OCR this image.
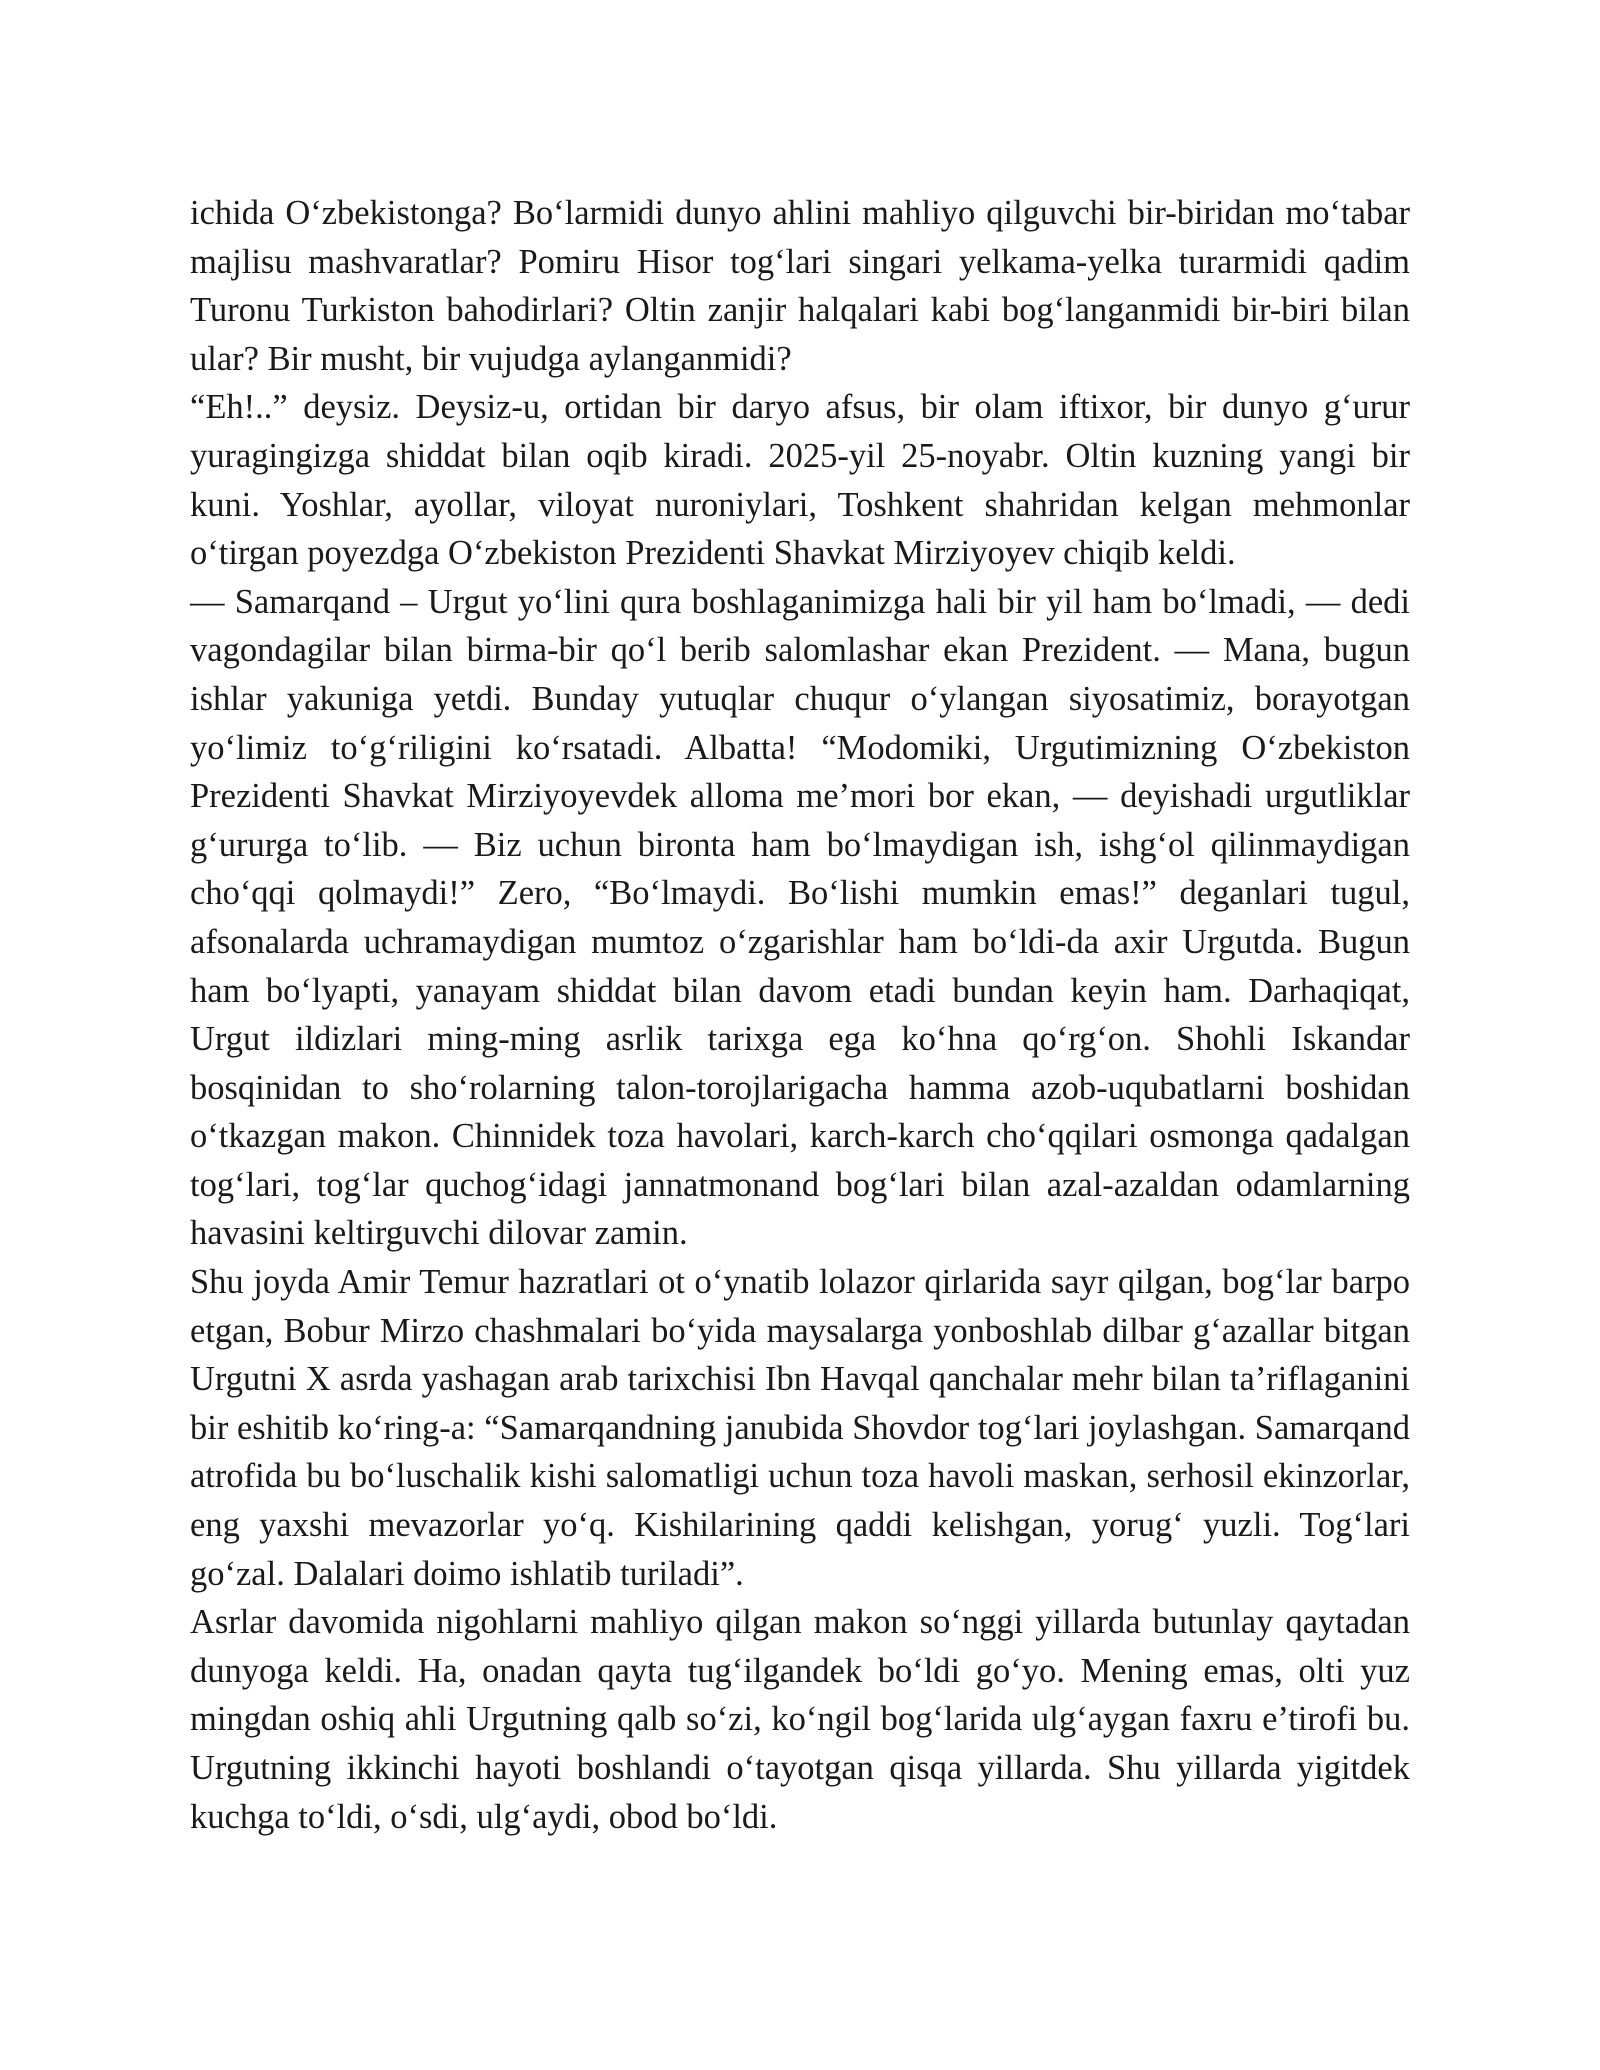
ichida O‘zbekistonga? Bo‘larmidi dunyo ahlini mahliyo qilguvchi bir-biridan mo‘tabar majlisu mashvaratlar? Pomiru Hisor tog‘lari singari yelkama-yelka turarmidi qadim Turonu Turkiston bahodirlari? Oltin zanjir halqalari kabi bog‘langanmidi bir-biri bilan ular? Bir musht, bir vujudga aylanganmidi?

“Eh!..” deysiz. Deysiz-u, ortidan bir daryo afsus, bir olam iftixor, bir dunyo g‘urur yuragingizga shiddat bilan oqib kiradi. 2025-yil 25-noyabr. Oltin kuzning yangi bir kuni. Yoshlar, ayollar, viloyat nuroniylari, Toshkent shahridan kelgan mehmonlar o‘tirgan poyezdga O‘zbekiston Prezidenti Shavkat Mirziyoyev chiqib keldi.

— Samarqand – Urgut yo‘lini qura boshlaganimizga hali bir yil ham bo‘lmadi, — dedi vagondagilar bilan birma-bir qo‘l berib salomlashar ekan Prezident. — Mana, bugun ishlar yakuniga yetdi. Bunday yutuqlar chuqur o‘ylangan siyosatimiz, borayotgan yo‘limiz to‘g‘riligini ko‘rsatadi. Albatta! “Modomiki, Urgutimizning O‘zbekiston Prezidenti Shavkat Mirziyoyevdek alloma me’mori bor ekan, — deyishadi urgutliklar g‘ururga to‘lib. — Biz uchun bironta ham bo‘lmaydigan ish, ishg‘ol qilinmaydigan cho‘qqi qolmaydi!” Zero, “Bo‘lmaydi. Bo‘lishi mumkin emas!” deganlari tugul, afsonalarda uchramaydigan mumtoz o‘zgarishlar ham bo‘ldi-da axir Urgutda. Bugun ham bo‘lyapti, yanayam shiddat bilan davom etadi bundan keyin ham. Darhaqiqat, Urgut ildizlari ming-ming asrlik tarixga ega ko‘hna qo‘rg‘on. Shohli Iskandar bosqinidan to sho‘rolarning talon-torojlarigacha hamma azob-uqubatlarni boshidan o‘tkazgan makon. Chinnidek toza havolari, karch-karch cho‘qqilari osmonga qadalgan tog‘lari, tog‘lar quchog‘idagi jannatmonand bog‘lari bilan azal-azaldan odamlarning havasini keltirguvchi dilovar zamin.

Shu joyda Amir Temur hazratlari ot o‘ynatib lolazor qirlarida sayr qilgan, bog‘lar barpo etgan, Bobur Mirzo chashmalari bo‘yida maysalarga yonboshlab dilbar g‘azallar bitgan Urgutni X asrda yashagan arab tarixchisi Ibn Havqal qanchalar mehr bilan ta’riflaganini bir eshitib ko‘ring-a: “Samarqandning janubida Shovdor tog‘lari joylashgan. Samarqand atrofida bu bo‘luschalik kishi salomatligi uchun toza havoli maskan, serhosil ekinzorlar, eng yaxshi mevazorlar yo‘q. Kishilarining qaddi kelishgan, yorug‘ yuzli. Tog‘lari go‘zal. Dalalari doimo ishlatib turiladi”.

Asrlar davomida nigohlarni mahliyo qilgan makon so‘nggi yillarda butunlay qaytadan dunyoga keldi. Ha, onadan qayta tug‘ilgandek bo‘ldi go‘yo. Mening emas, olti yuz mingdan oshiq ahli Urgutning qalb so‘zi, ko‘ngil bog‘larida ulg‘aygan faxru e’tirofi bu. Urgutning ikkinchi hayoti boshlandi o‘tayotgan qisqa yillarda. Shu yillarda yigitdek kuchga to‘ldi, o‘sdi, ulg‘aydi, obod bo‘ldi.
